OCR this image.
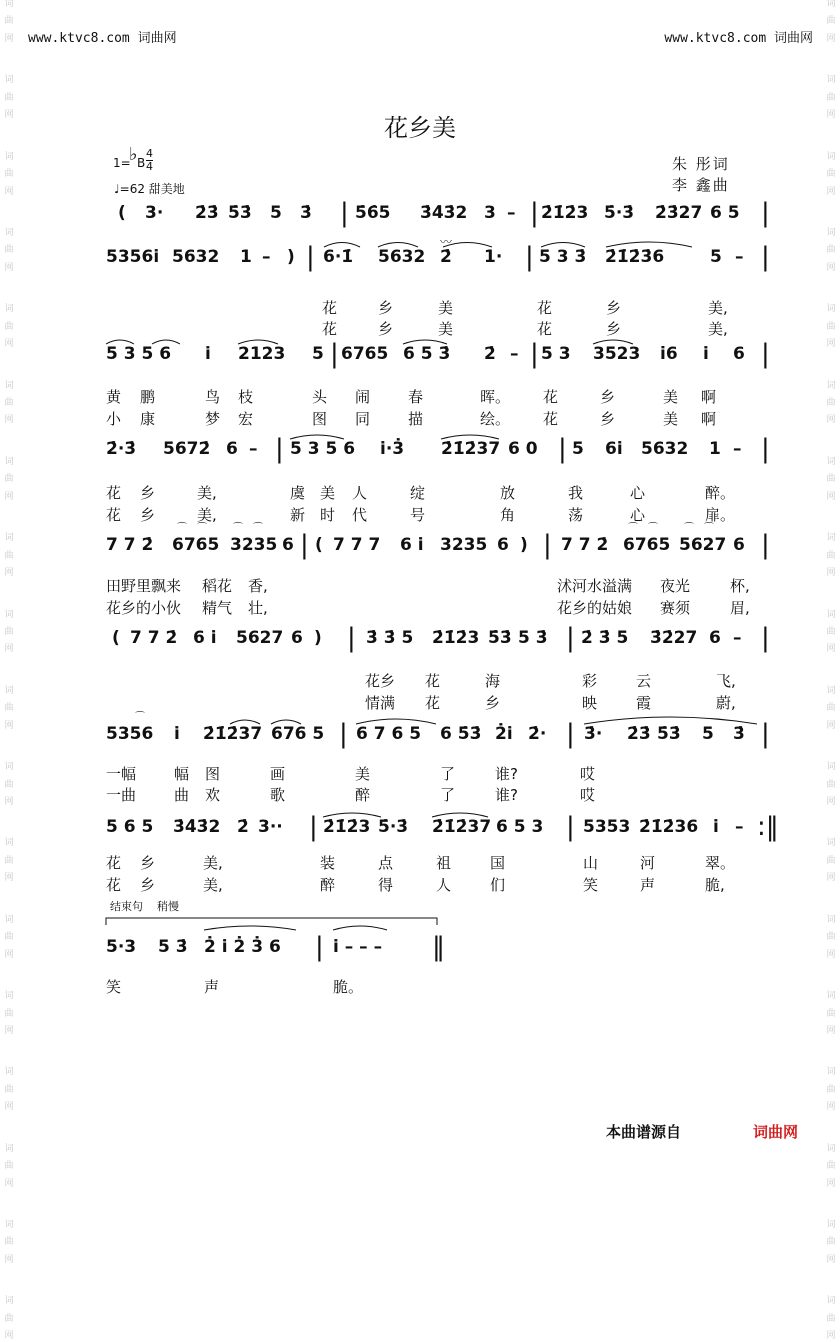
词
曲
网
词
曲
网
词
曲
网
词
曲
网
词
曲
网
词
曲
网
词
曲
网
词
曲
网
词
曲
网
词
曲
网
词
曲
网
词
曲
网
词
曲
网
词
曲
网
词
曲
网
词
曲
网
词
曲
网
词
曲
网
词
曲
网
词
曲
网
词
曲
网
词
曲
网
词
曲
网
词
曲
网
词
曲
网
词
曲
网
词
曲
网
词
曲
网
词
曲
网
词
曲
网
词
曲
网
词
曲
网
词
曲
网
词
曲
网
词
曲
网
词
曲
网
www.ktvc8.com 词曲网	www.ktvc8.com 词曲网
花乡美
1=
♭ B
4
4
♩=62 甜美地
朱 彤词
李 鑫曲
( 3· 2̇3̇ 5̇3̇ 5 3̇ | 5̇6̇5 3̇4̇3̇2 3 – | 2̇1̇2̇3 5̇·3̇ 2̇3̇27 6 5 |
5356i̇ 5632 1 – ) | 6·1̇ 5632 2̇ 1· | 5 3 3̇ 2̇1̇2̇3̇6	5 – |
花	乡	美	花	乡	美,
花	乡	美	花	乡	美,
5 3 5 6 i̇ 2123 5 | 6765 6 5 3̇ 2̇ – | 5 3 3523 i6 i̇ 6 |
黄 鹏	鸟 枝	头 闹	春	晖。 花	乡	美 啊
小 康	梦 宏	图 同	描	绘。 花	乡	美 啊
2̇·3̇ 5672̇ 6 – | 5 3 5 6 i̇·3̇ 2̇1̇2̇37 6 0 | 5 6i̇ 5632 1 – |
花 乡	美,	虞 美 人	绽	放	我	心	醉。
花 乡	美,	新 时 代	号	角	荡	心	扉。
7 7 2̇ 6765 3235 6 | ( 7 7 7 6 i̇ 3235 6 ) | 7 7 2̇ 6765 5627 6 |
田野里飘来 稻花 香,	沭河水溢满 夜光	杯,
花乡的小伙 精气 壮,	花乡的姑娘 赛须	眉,
( 7 7 2̇ 6 i̇ 5627 6 ) | 3̇ 3̇ 5 2̇1̇2̇3 5̇3̇ 5 3̇ | 2̇ 3̇ 5 3̇2̇27 6 – |
花乡 花	海	彩	云	飞,
情满 花	乡	映	霞	蔚,
5356 i̇ 2̇1̇2̇37 676 5 | 6 7 6 5 6 5̇3̇ 2̇i̇ 2̇· | 3̇· 2̇3̇ 5̇3̇ 5 3̇ |
一幅	幅 图	画	美	了	谁?	哎
一曲	曲 欢	歌	醉	了	谁?	哎
5 6 5 3̇4̇3̇2 2̇ 3·· | 2̇1̇2̇3 5̇·3̇ 2̇1̇2̇37 6 5 3 | 5353 2̇1̇2̇36 i̇ – :‖
花 乡	美,	装	点	祖	国	山	河	翠。
花 乡	美,	醉	得	人	们	笑	声	脆,
5·3 5 3̇ 2̇ i̇ 2̇ 3̇ 6 | i̇ – – – ‖
笑	声	脆。
结束句 稍慢
⌒ ⌒	⌒ ⌒	⌒ ⌒	⌒ ⌒
⌒
〰
本曲谱源自	词曲网
